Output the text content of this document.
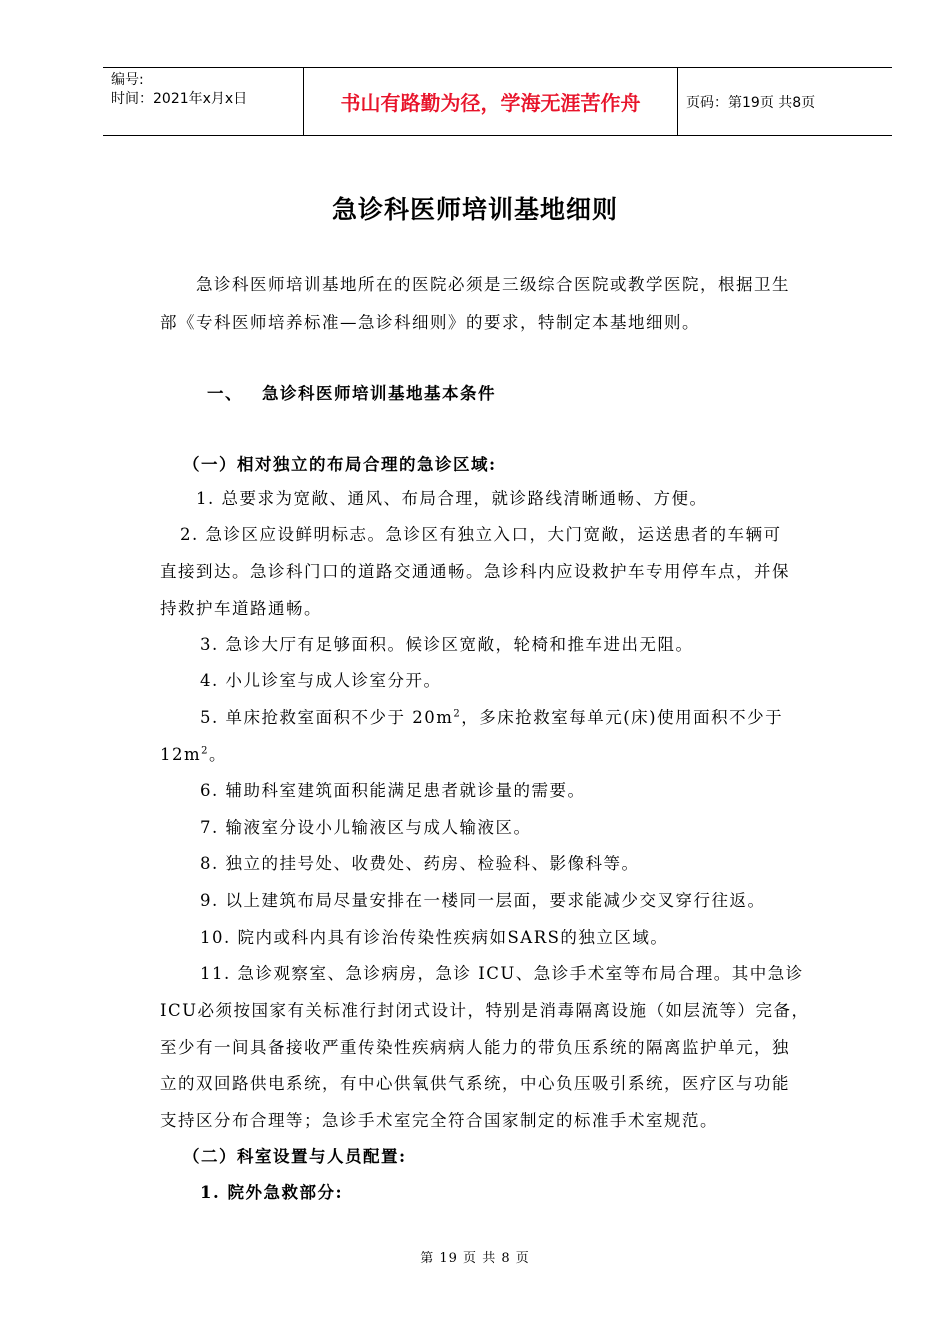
编号:
时间：2021年x月x日	书山有路勤为径，学海无涯苦作舟	页码：第19页 共8页
急诊科医师培训基地细则
急诊科医师培训基地所在的医院必须是三级综合医院或教学医院，根据卫生
部《专科医师培养标准—急诊科细则》的要求，特制定本基地细则。
一、 急诊科医师培训基地基本条件
（一）相对独立的布局合理的急诊区域:
1. 总要求为宽敞、通风、布局合理，就诊路线清晰通畅、方便。
2. 急诊区应设鲜明标志。急诊区有独立入口，大门宽敞，运送患者的车辆可
直接到达。急诊科门口的道路交通通畅。急诊科内应设救护车专用停车点，并保
持救护车道路通畅。
3. 急诊大厅有足够面积。候诊区宽敞，轮椅和推车进出无阻。
4. 小儿诊室与成人诊室分开。
5. 单床抢救室面积不少于 $20m^2$，多床抢救室每单元(床)使用面积不少于
$12m^2$。
6. 辅助科室建筑面积能满足患者就诊量的需要。
7. 输液室分设小儿输液区与成人输液区。
8. 独立的挂号处、收费处、药房、检验科、影像科等。
9. 以上建筑布局尽量安排在一楼同一层面，要求能减少交叉穿行往返。
10. 院内或科内具有诊治传染性疾病如SARS的独立区域。
11. 急诊观察室、急诊病房，急诊 ICU、急诊手术室等布局合理。其中急诊
ICU必须按国家有关标准行封闭式设计，特别是消毒隔离设施（如层流等）完备，
至少有一间具备接收严重传染性疾病病人能力的带负压系统的隔离监护单元，独
立的双回路供电系统，有中心供氧供气系统，中心负压吸引系统，医疗区与功能
支持区分布合理等；急诊手术室完全符合国家制定的标准手术室规范。
（二）科室设置与人员配置:
1. 院外急救部分:
第 19 页 共 8 页
